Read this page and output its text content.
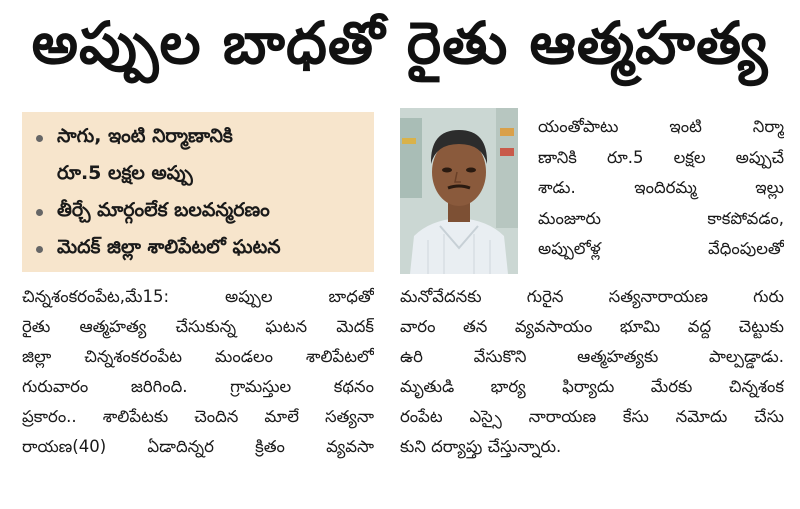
అప్పుల బాధతో రైతు ఆత్మహత్య
సాగు, ఇంటి నిర్మాణానికి
రూ.5 లక్షల అప్పు
తీర్చే మార్గంలేక బలవన్మరణం
మెదక్ జిల్లా శాలిపేటలో ఘటన
యంతోపాటు ఇంటి నిర్మా
ణానికి రూ.5 లక్షల అప్పుచే
శాడు. ఇందిరమ్మ ఇల్లు
మంజూరు కాకపోవడం,
అప్పులోళ్ల వేధింపులతో
చిన్నశంకరంపేట,మే15: అప్పుల బాధతో
రైతు ఆత్మహత్య చేసుకున్న ఘటన మెదక్
జిల్లా చిన్నశంకరంపేట మండలం శాలిపేటలో
గురువారం జరిగింది. గ్రామస్తుల కథనం
ప్రకారం.. శాలిపేటకు చెందిన మాలే సత్యనా
రాయణ(40) ఏడాదిన్నర క్రితం వ్యవసా
మనోవేదనకు గురైన సత్యనారాయణ గురు
వారం తన వ్యవసాయం భూమి వద్ద చెట్టుకు
ఉరి వేసుకొని ఆత్మహత్యకు పాల్పడ్డాడు.
మృతుడి భార్య ఫిర్యాదు మేరకు చిన్నశంక
రంపేట ఎస్సై నారాయణ కేసు నమోదు చేసు
కుని దర్యాప్తు చేస్తున్నారు.
